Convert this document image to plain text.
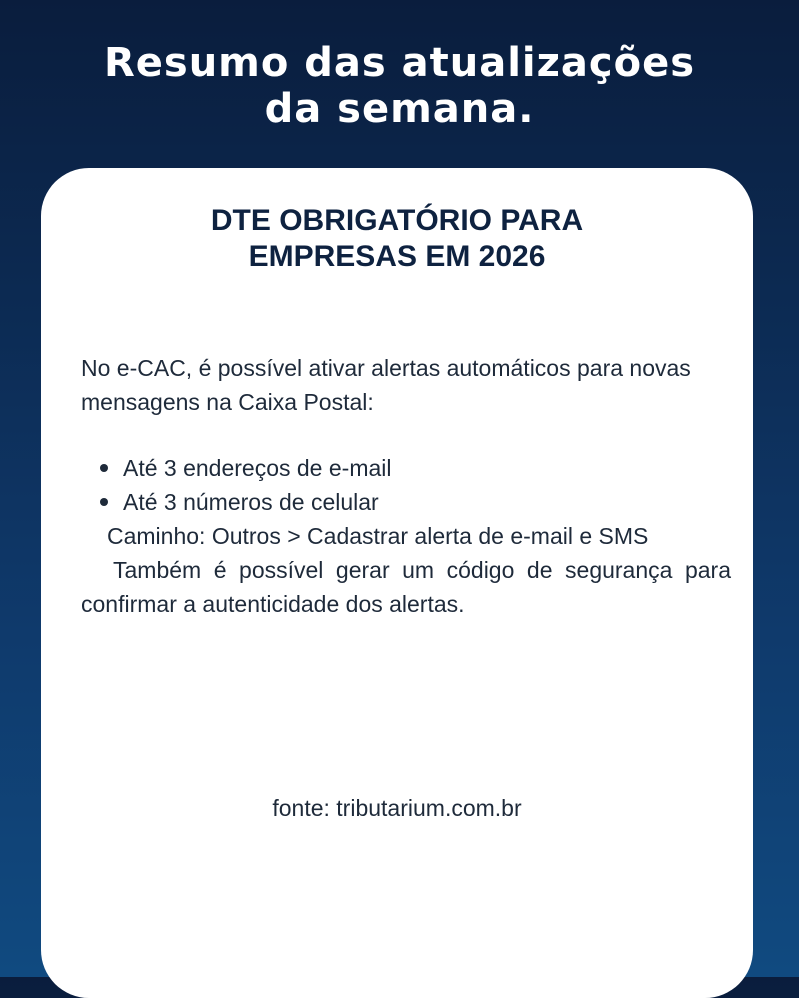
Resumo das atualizações
da semana.
DTE OBRIGATÓRIO PARA
EMPRESAS EM 2026

No e-CAC, é possível ativar alertas automáticos para novas mensagens na Caixa Postal:

Até 3 endereços de e-mail
Até 3 números de celular

Caminho: Outros > Cadastrar alerta de e-mail e SMS

Também é possível gerar um código de segurança para confirmar a autenticidade dos alertas.

fonte: tributarium.com.br
